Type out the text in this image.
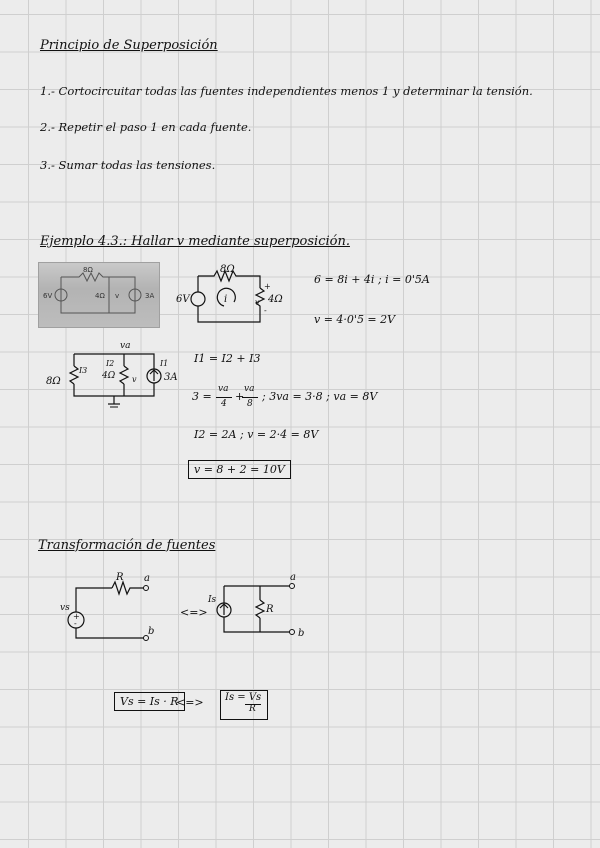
Principio de Superposición
1.- Cortocircuitar todas las fuentes independientes menos 1 y determinar la tensión.
2.- Repetir el paso 1 en cada fuente.
3.- Sumar todas las tensiones.
Ejemplo 4.3.: Hallar v mediante superposición.
8Ω
6V	4Ω	3A
v
8Ω
6V	4Ω
i
+
-
v
6 = 8i + 4i ; i = 0'5A
v = 4·0'5 = 2V
va
8Ω
I3
I2
4Ω v
I1
3A
I1 = I2 + I3
3 =
va
4
+
va
8
; 3va = 3·8 ; va = 8V
I2 = 2A ; v = 2·4 = 8V
v = 8 + 2 = 10V
Transformación de fuentes
R a
vs
+
-
b
<=>
Is
R
a
b
Vs = Is · R
<=> Is = Vs
R
